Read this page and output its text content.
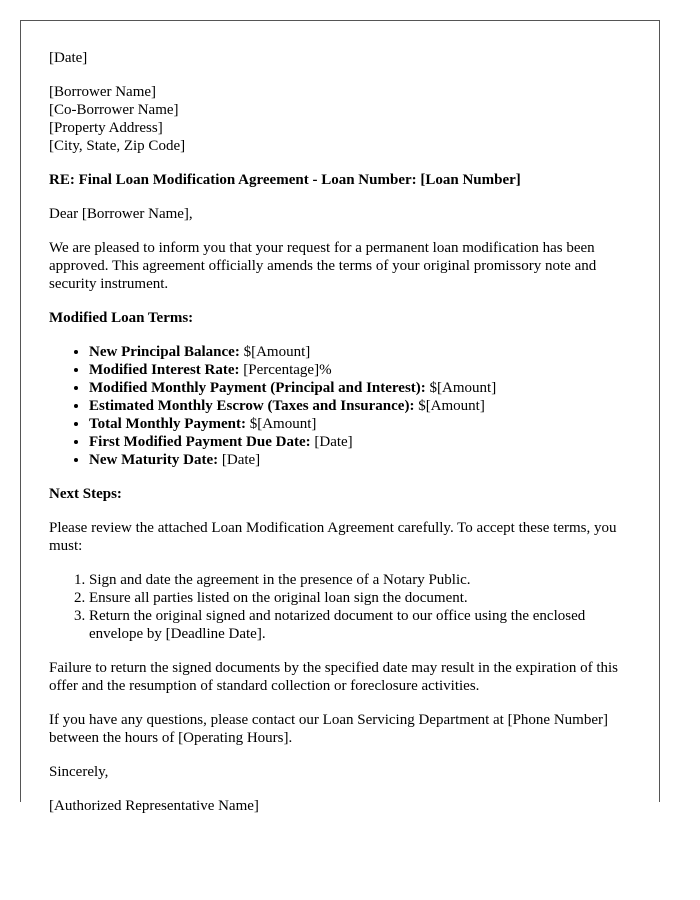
[Date]

[Borrower Name]
[Co-Borrower Name]
[Property Address]
[City, State, Zip Code]

RE: Final Loan Modification Agreement - Loan Number: [Loan Number]

Dear [Borrower Name],

We are pleased to inform you that your request for a permanent loan modification has been approved. This agreement officially amends the terms of your original promissory note and security instrument.

Modified Loan Terms:

• New Principal Balance: $[Amount]
• Modified Interest Rate: [Percentage]%
• Modified Monthly Payment (Principal and Interest): $[Amount]
• Estimated Monthly Escrow (Taxes and Insurance): $[Amount]
• Total Monthly Payment: $[Amount]
• First Modified Payment Due Date: [Date]
• New Maturity Date: [Date]

Next Steps:

Please review the attached Loan Modification Agreement carefully. To accept these terms, you must:

1. Sign and date the agreement in the presence of a Notary Public.
2. Ensure all parties listed on the original loan sign the document.
3. Return the original signed and notarized document to our office using the enclosed envelope by [Deadline Date].

Failure to return the signed documents by the specified date may result in the expiration of this offer and the resumption of standard collection or foreclosure activities.

If you have any questions, please contact our Loan Servicing Department at [Phone Number] between the hours of [Operating Hours].

Sincerely,

[Authorized Representative Name]
